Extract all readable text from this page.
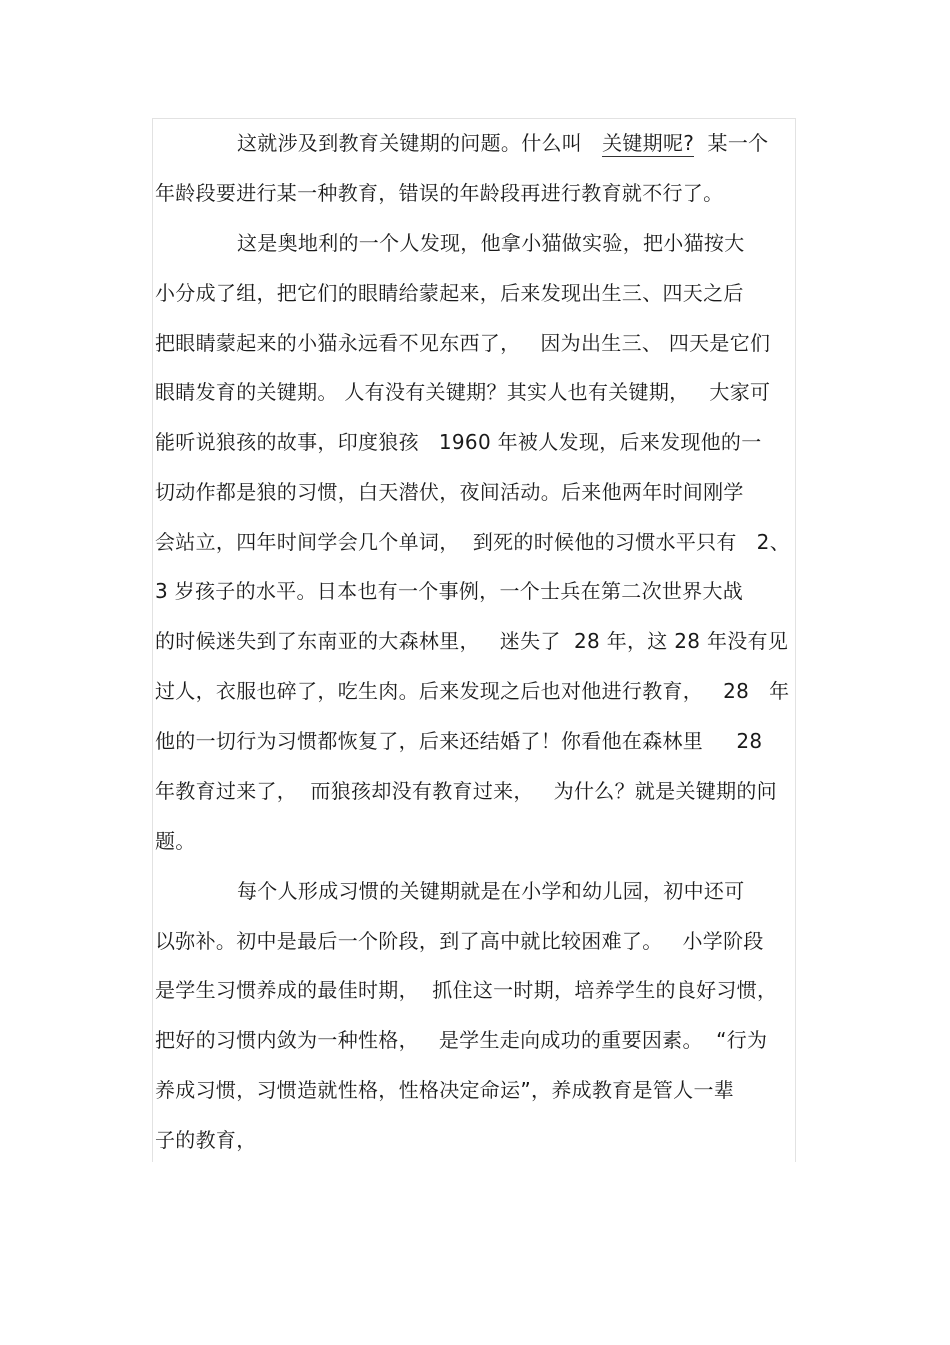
这就涉及到教育关键期的问题。什么叫   关键期呢?  某一个
年龄段要进行某一种教育，错误的年龄段再进行教育就不行了。
这是奥地利的一个人发现，他拿小猫做实验，把小猫按大
小分成了组，把它们的眼睛给蒙起来，后来发现出生三、四天之后
把眼睛蒙起来的小猫永远看不见东西了，   因为出生三、 四天是它们
眼睛发育的关键期。 人有没有关键期？其实人也有关键期，   大家可
能听说狼孩的故事，印度狼孩   1960 年被人发现，后来发现他的一
切动作都是狼的习惯，白天潜伏，夜间活动。后来他两年时间刚学
会站立，四年时间学会几个单词，  到死的时候他的习惯水平只有   2、
3 岁孩子的水平。日本也有一个事例，一个士兵在第二次世界大战
的时候迷失到了东南亚的大森林里，   迷失了  28 年，这 28 年没有见
过人，衣服也碎了，吃生肉。后来发现之后也对他进行教育，   28   年
他的一切行为习惯都恢复了，后来还结婚了！你看他在森林里     28
年教育过来了，  而狼孩却没有教育过来，   为什么？就是关键期的问
题。
每个人形成习惯的关键期就是在小学和幼儿园，初中还可
以弥补。初中是最后一个阶段，到了高中就比较困难了。   小学阶段
是学生习惯养成的最佳时期，  抓住这一时期，培养学生的良好习惯，
把好的习惯内敛为一种性格，   是学生走向成功的重要因素。  “行为
养成习惯，习惯造就性格，性格决定命运”，养成教育是管人一辈
子的教育，
